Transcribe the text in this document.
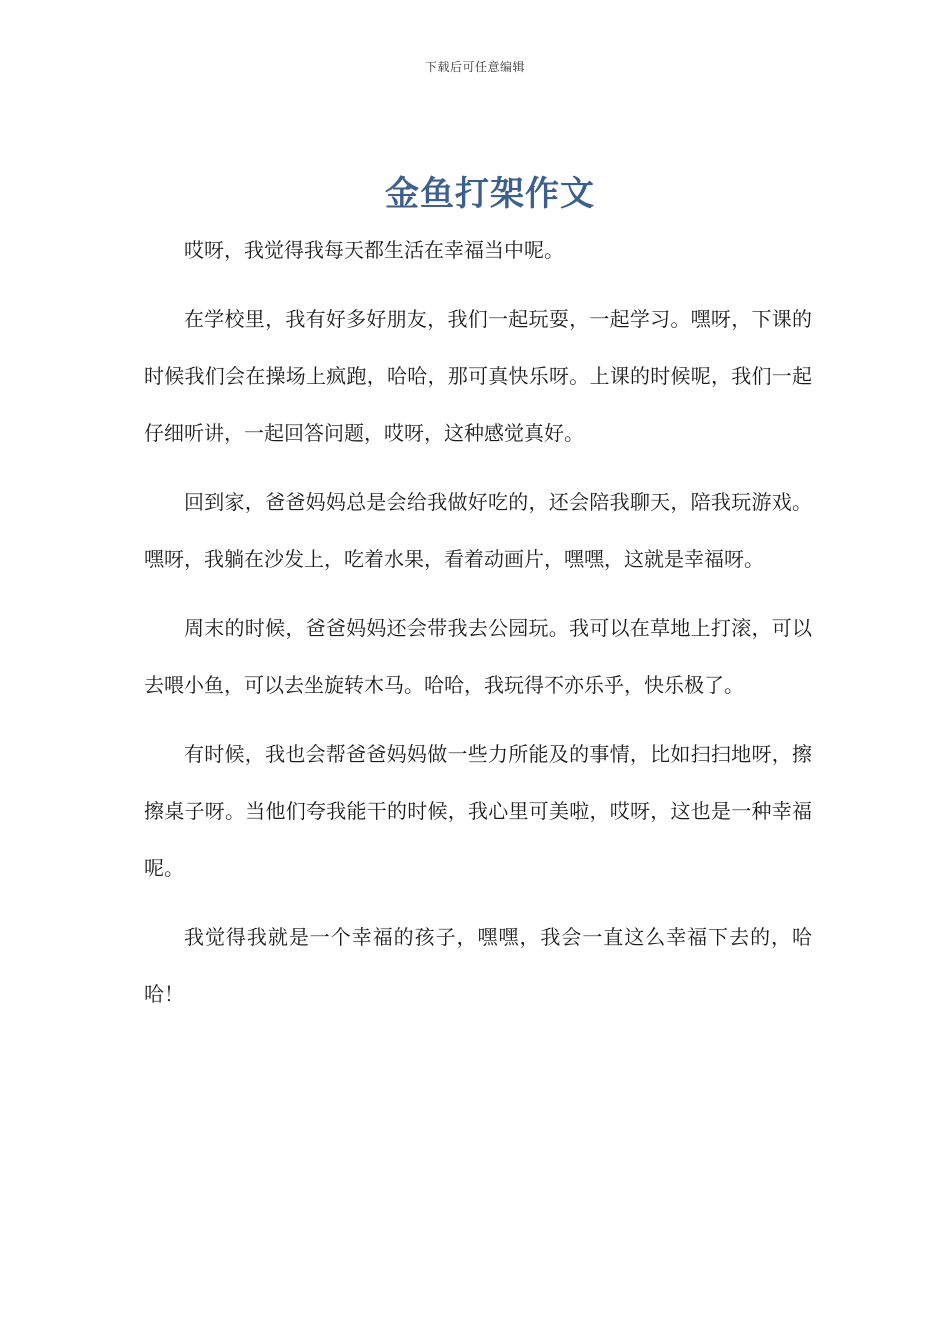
下载后可任意编辑
金鱼打架作文

哎呀，我觉得我每天都生活在幸福当中呢。

在学校里，我有好多好朋友，我们一起玩耍，一起学习。嘿呀，下课的时候我们会在操场上疯跑，哈哈，那可真快乐呀。上课的时候呢，我们一起仔细听讲，一起回答问题，哎呀，这种感觉真好。

回到家，爸爸妈妈总是会给我做好吃的，还会陪我聊天，陪我玩游戏。嘿呀，我躺在沙发上，吃着水果，看着动画片，嘿嘿，这就是幸福呀。

周末的时候，爸爸妈妈还会带我去公园玩。我可以在草地上打滚，可以去喂小鱼，可以去坐旋转木马。哈哈，我玩得不亦乐乎，快乐极了。

有时候，我也会帮爸爸妈妈做一些力所能及的事情，比如扫扫地呀，擦擦桌子呀。当他们夸我能干的时候，我心里可美啦，哎呀，这也是一种幸福呢。

我觉得我就是一个幸福的孩子，嘿嘿，我会一直这么幸福下去的，哈哈！
